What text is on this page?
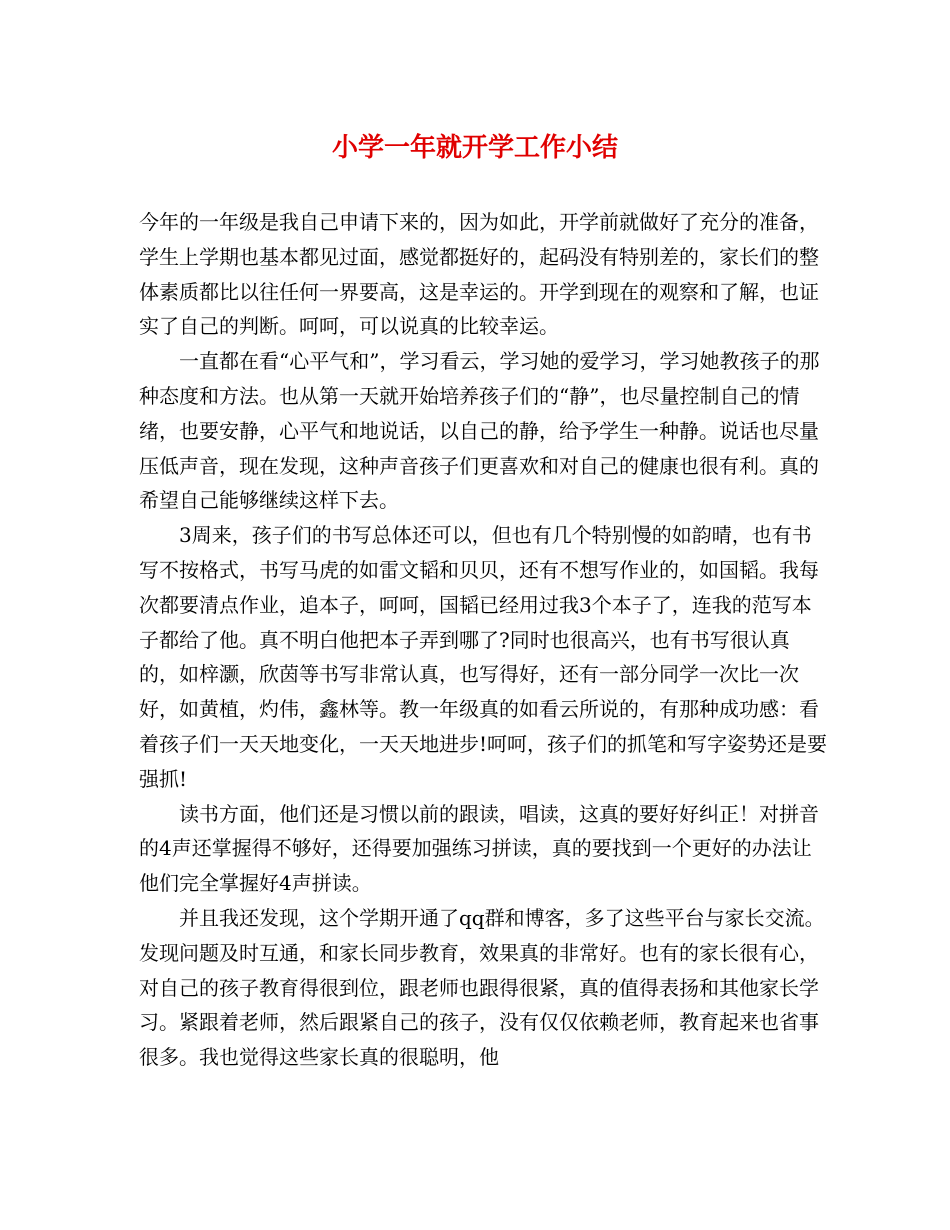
小学一年就开学工作小结

今年的一年级是我自己申请下来的，因为如此，开学前就做好了充分的准备，学生上学期也基本都见过面，感觉都挺好的，起码没有特别差的，家长们的整体素质都比以往任何一界要高，这是幸运的。开学到现在的观察和了解，也证实了自己的判断。呵呵，可以说真的比较幸运。

一直都在看“心平气和”，学习看云，学习她的爱学习，学习她教孩子的那种态度和方法。也从第一天就开始培养孩子们的“静”，也尽量控制自己的情绪，也要安静，心平气和地说话，以自己的静，给予学生一种静。说话也尽量压低声音，现在发现，这种声音孩子们更喜欢和对自己的健康也很有利。真的希望自己能够继续这样下去。

3周来，孩子们的书写总体还可以，但也有几个特别慢的如韵晴，也有书写不按格式，书写马虎的如雷文韬和贝贝，还有不想写作业的，如国韬。我每次都要清点作业，追本子，呵呵，国韬已经用过我3个本子了，连我的范写本子都给了他。真不明白他把本子弄到哪了?同时也很高兴，也有书写很认真的，如梓灏，欣茵等书写非常认真，也写得好，还有一部分同学一次比一次好，如黄植，灼伟，鑫林等。教一年级真的如看云所说的，有那种成功感：看着孩子们一天天地变化，一天天地进步!呵呵，孩子们的抓笔和写字姿势还是要强抓!

读书方面，他们还是习惯以前的跟读，唱读，这真的要好好纠正！对拼音的4声还掌握得不够好，还得要加强练习拼读，真的要找到一个更好的办法让他们完全掌握好4声拼读。

并且我还发现，这个学期开通了qq群和博客，多了这些平台与家长交流。发现问题及时互通，和家长同步教育，效果真的非常好。也有的家长很有心，对自己的孩子教育得很到位，跟老师也跟得很紧，真的值得表扬和其他家长学习。紧跟着老师，然后跟紧自己的孩子，没有仅仅依赖老师，教育起来也省事很多。我也觉得这些家长真的很聪明，他
